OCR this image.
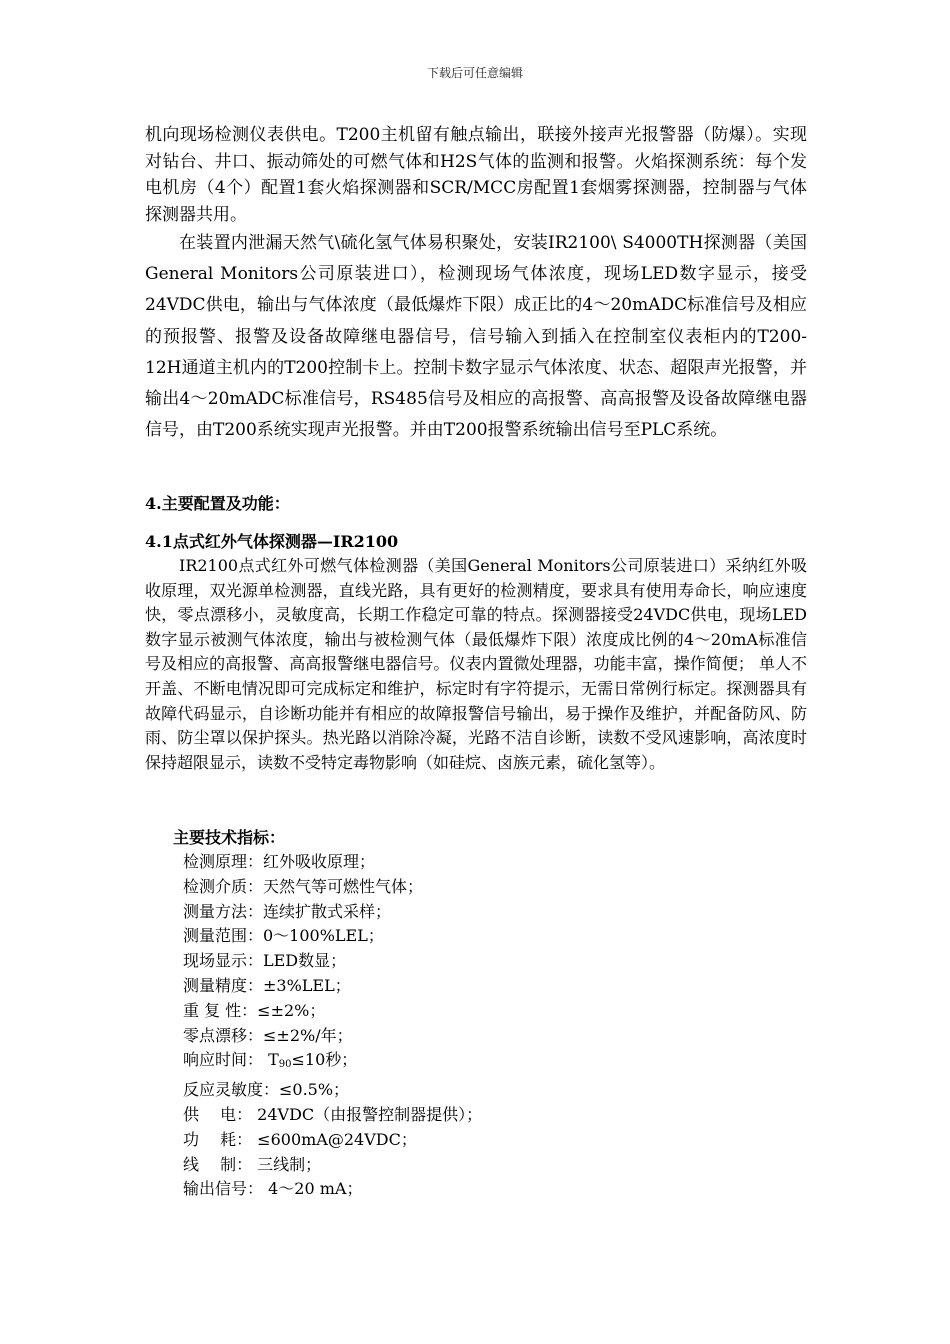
下载后可任意编辑

机向现场检测仪表供电。T200主机留有触点输出，联接外接声光报警器（防爆）。实现对钻台、井口、振动筛处的可燃气体和H2S气体的监测和报警。火焰探测系统：每个发电机房（4个）配置1套火焰探测器和SCR/MCC房配置1套烟雾探测器，控制器与气体探测器共用。

在装置内泄漏天然气\硫化氢气体易积聚处，安装IR2100\ S4000TH探测器（美国General Monitors公司原装进口），检测现场气体浓度，现场LED数字显示，接受24VDC供电，输出与气体浓度（最低爆炸下限）成正比的4～20mADC标准信号及相应的预报警、报警及设备故障继电器信号，信号输入到插入在控制室仪表柜内的T200-12H通道主机内的T200控制卡上。控制卡数字显示气体浓度、状态、超限声光报警，并输出4～20mADC标准信号，RS485信号及相应的高报警、高高报警及设备故障继电器信号，由T200系统实现声光报警。并由T200报警系统输出信号至PLC系统。

4.主要配置及功能：

4.1点式红外气体探测器—IR2100

IR2100点式红外可燃气体检测器（美国General Monitors公司原装进口）采纳红外吸收原理，双光源单检测器，直线光路，具有更好的检测精度，要求具有使用寿命长，响应速度快，零点漂移小，灵敏度高，长期工作稳定可靠的特点。探测器接受24VDC供电，现场LED数字显示被测气体浓度，输出与被检测气体（最低爆炸下限）浓度成比例的4～20mA标准信号及相应的高报警、高高报警继电器信号。仪表内置微处理器，功能丰富，操作简便； 单人不开盖、不断电情况即可完成标定和维护，标定时有字符提示，无需日常例行标定。探测器具有故障代码显示，自诊断功能并有相应的故障报警信号输出，易于操作及维护，并配备防风、防雨、防尘罩以保护探头。热光路以消除冷凝，光路不洁自诊断，读数不受风速影响，高浓度时保持超限显示，读数不受特定毒物影响（如硅烷、卤族元素，硫化氢等）。

主要技术指标：

检测原理：红外吸收原理；
检测介质：天然气等可燃性气体；
测量方法：连续扩散式采样；
测量范围：0～100%LEL；
现场显示：LED数显；
测量精度：±3%LEL；
重 复 性：≤±2%；
零点漂移：≤±2%/年；
响应时间： $T_{90}\le 10$秒；
反应灵敏度：≤0.5%；
供　 电： 24VDC（由报警控制器提供）；
功　 耗： ≤600mA@24VDC；
线　 制： 三线制；
输出信号： 4～20 mA；
